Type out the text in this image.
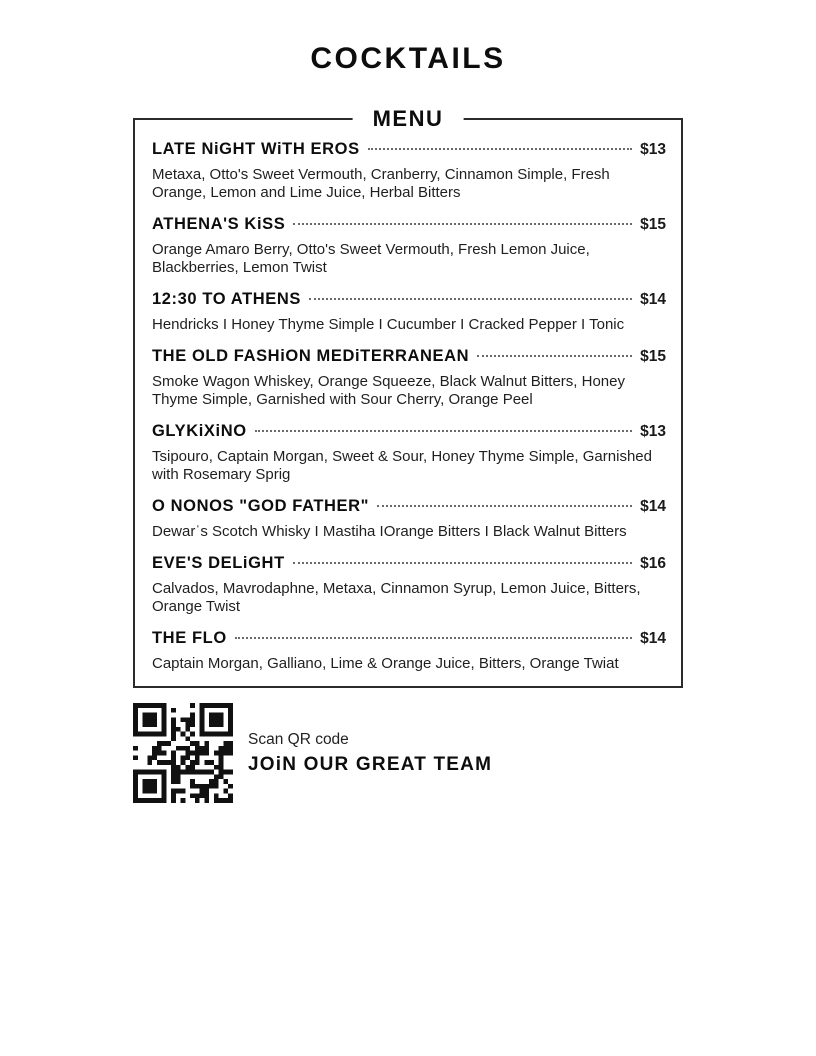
COCKTAILS
MENU
LATE NiGHT WiTH EROS	$13
Metaxa, Otto's Sweet Vermouth, Cranberry, Cinnamon Simple, Fresh Orange, Lemon and Lime Juice, Herbal Bitters
ATHENA'S KiSS	$15
Orange Amaro Berry, Otto's Sweet Vermouth, Fresh Lemon Juice, Blackberries, Lemon Twist
12:30 TO ATHENS	$14
Hendricks I Honey Thyme Simple I Cucumber I Cracked Pepper I Tonic
THE OLD FASHiON MEDiTERRANEAN	$15
Smoke Wagon Whiskey, Orange Squeeze, Black Walnut Bitters, Honey Thyme Simple, Garnished with Sour Cherry, Orange Peel
GLYKiXiNO	$13
Tsipouro, Captain Morgan, Sweet & Sour, Honey Thyme Simple, Garnished with Rosemary Sprig
O NONOS "GOD FATHER"	$14
Dewarˈs Scotch Whisky I Mastiha IOrange Bitters I Black Walnut Bitters
EVE'S DELiGHT	$16
Calvados, Mavrodaphne, Metaxa, Cinnamon Syrup, Lemon Juice, Bitters, Orange Twist
THE FLO	$14
Captain Morgan, Galliano, Lime & Orange Juice, Bitters, Orange Twiat
Scan QR code
JOiN OUR GREAT TEAM
